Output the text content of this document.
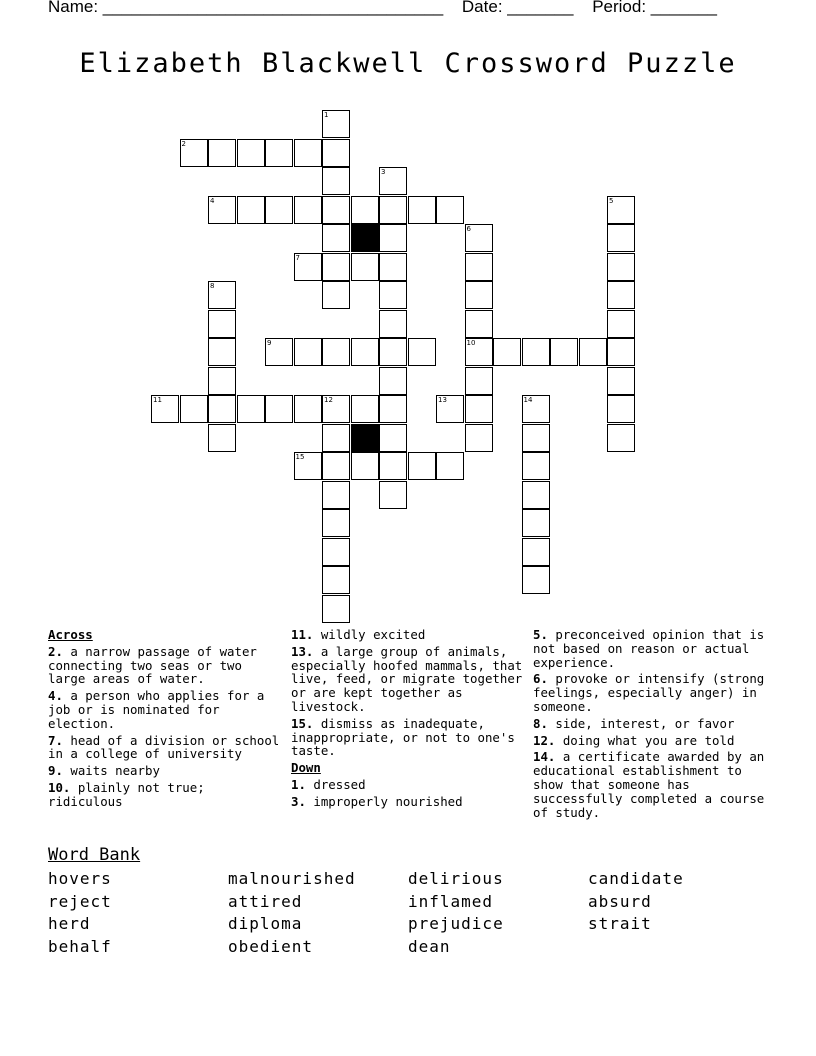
Name: ____________________________________ Date: _______ Period: _______
Elizabeth Blackwell Crossword Puzzle
1
2
3
4	5
6
10
7
8
9
11	12	13	14
15
Across
2. a narrow passage of water connecting two seas or two large areas of water.
4. a person who applies for a job or is nominated for election.
7. head of a division or school in a college of university
9. waits nearby
10. plainly not true; ridiculous
11. wildly excited
13. a large group of animals, especially hoofed mammals, that live, feed, or migrate together or are kept together as livestock.
15. dismiss as inadequate, inappropriate, or not to one's taste.
Down
1. dressed
3. improperly nourished
5. preconceived opinion that is not based on reason or actual experience.
6. provoke or intensify (strong feelings, especially anger) in someone.
8. side, interest, or favor
12. doing what you are told
14. a certificate awarded by an educational establishment to show that someone has successfully completed a course of study.
Word Bank
hovers	malnourished	delirious	candidate
reject	attired	inflamed	absurd
herd	diploma	prejudice	strait
behalf	obedient	dean
